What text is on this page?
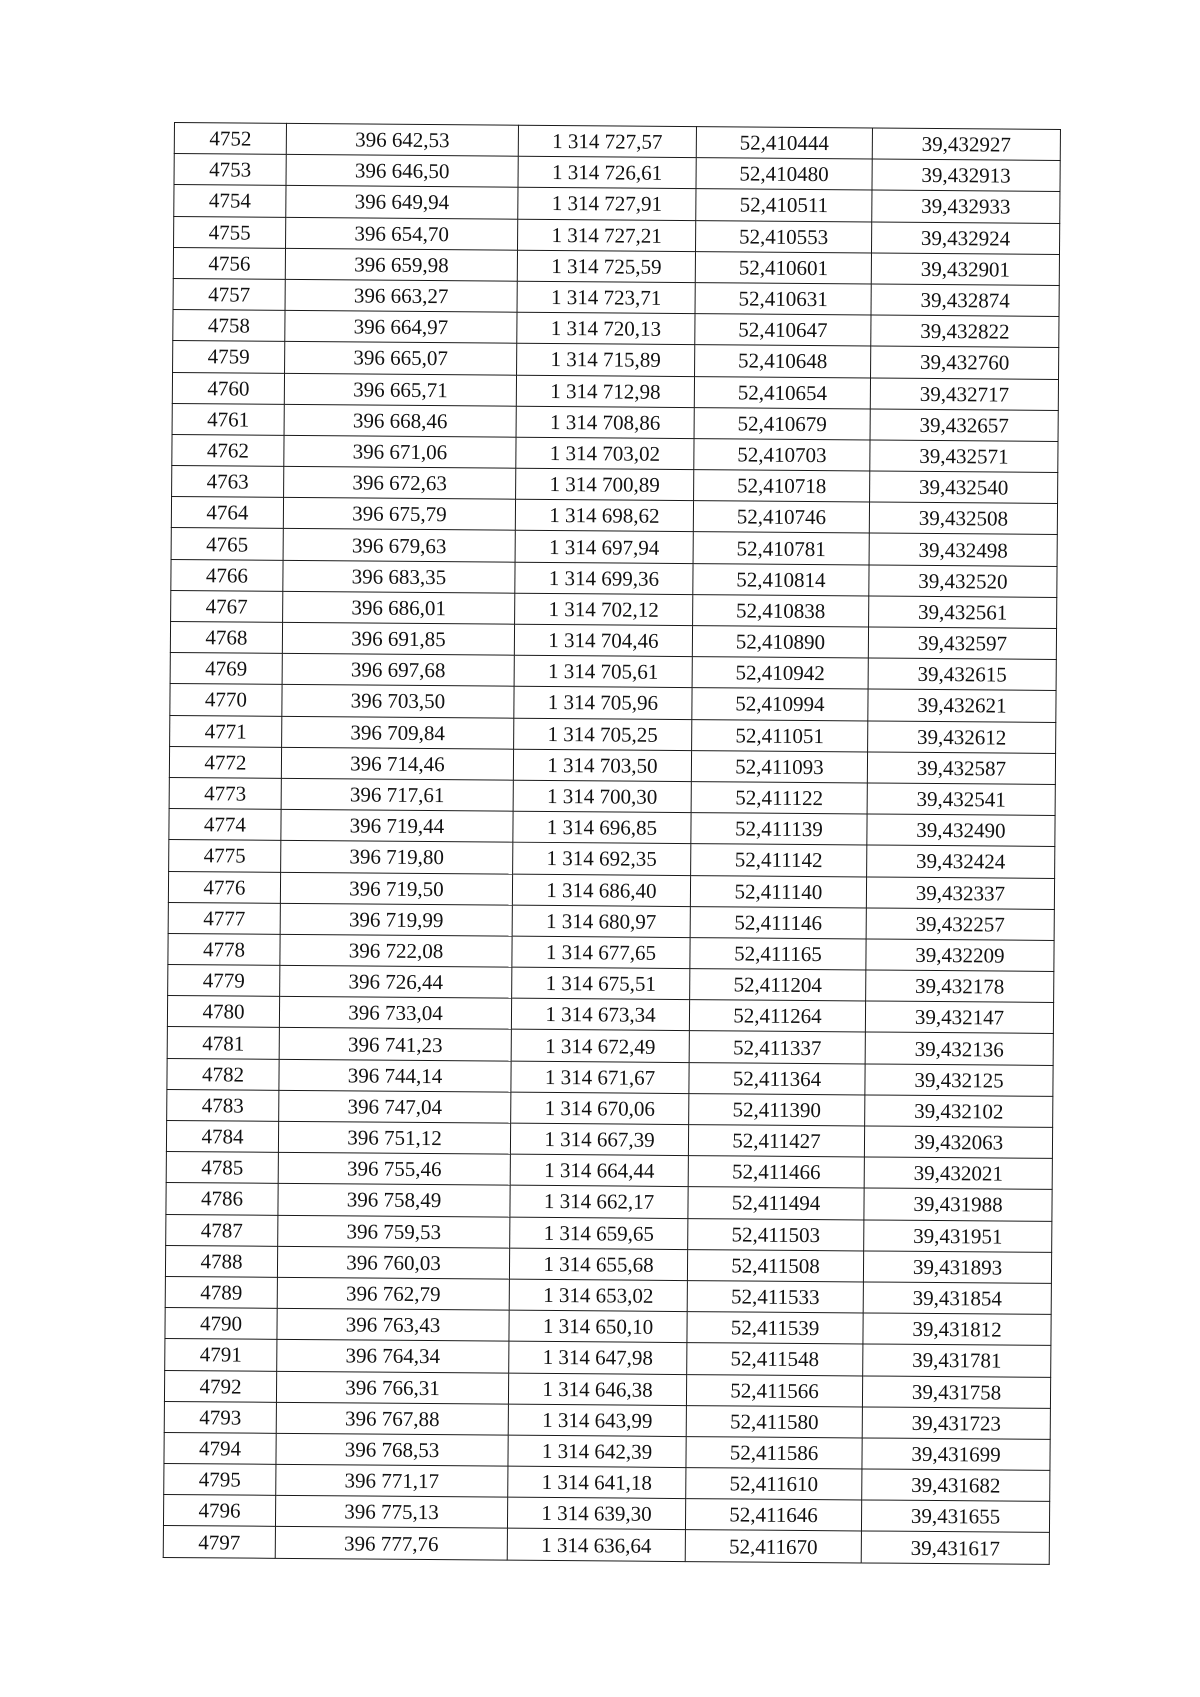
4752	396 642,53	1 314 727,57	52,410444	39,432927
4753	396 646,50	1 314 726,61	52,410480	39,432913
4754	396 649,94	1 314 727,91	52,410511	39,432933
4755	396 654,70	1 314 727,21	52,410553	39,432924
4756	396 659,98	1 314 725,59	52,410601	39,432901
4757	396 663,27	1 314 723,71	52,410631	39,432874
4758	396 664,97	1 314 720,13	52,410647	39,432822
4759	396 665,07	1 314 715,89	52,410648	39,432760
4760	396 665,71	1 314 712,98	52,410654	39,432717
4761	396 668,46	1 314 708,86	52,410679	39,432657
4762	396 671,06	1 314 703,02	52,410703	39,432571
4763	396 672,63	1 314 700,89	52,410718	39,432540
4764	396 675,79	1 314 698,62	52,410746	39,432508
4765	396 679,63	1 314 697,94	52,410781	39,432498
4766	396 683,35	1 314 699,36	52,410814	39,432520
4767	396 686,01	1 314 702,12	52,410838	39,432561
4768	396 691,85	1 314 704,46	52,410890	39,432597
4769	396 697,68	1 314 705,61	52,410942	39,432615
4770	396 703,50	1 314 705,96	52,410994	39,432621
4771	396 709,84	1 314 705,25	52,411051	39,432612
4772	396 714,46	1 314 703,50	52,411093	39,432587
4773	396 717,61	1 314 700,30	52,411122	39,432541
4774	396 719,44	1 314 696,85	52,411139	39,432490
4775	396 719,80	1 314 692,35	52,411142	39,432424
4776	396 719,50	1 314 686,40	52,411140	39,432337
4777	396 719,99	1 314 680,97	52,411146	39,432257
4778	396 722,08	1 314 677,65	52,411165	39,432209
4779	396 726,44	1 314 675,51	52,411204	39,432178
4780	396 733,04	1 314 673,34	52,411264	39,432147
4781	396 741,23	1 314 672,49	52,411337	39,432136
4782	396 744,14	1 314 671,67	52,411364	39,432125
4783	396 747,04	1 314 670,06	52,411390	39,432102
4784	396 751,12	1 314 667,39	52,411427	39,432063
4785	396 755,46	1 314 664,44	52,411466	39,432021
4786	396 758,49	1 314 662,17	52,411494	39,431988
4787	396 759,53	1 314 659,65	52,411503	39,431951
4788	396 760,03	1 314 655,68	52,411508	39,431893
4789	396 762,79	1 314 653,02	52,411533	39,431854
4790	396 763,43	1 314 650,10	52,411539	39,431812
4791	396 764,34	1 314 647,98	52,411548	39,431781
4792	396 766,31	1 314 646,38	52,411566	39,431758
4793	396 767,88	1 314 643,99	52,411580	39,431723
4794	396 768,53	1 314 642,39	52,411586	39,431699
4795	396 771,17	1 314 641,18	52,411610	39,431682
4796	396 775,13	1 314 639,30	52,411646	39,431655
4797	396 777,76	1 314 636,64	52,411670	39,431617
